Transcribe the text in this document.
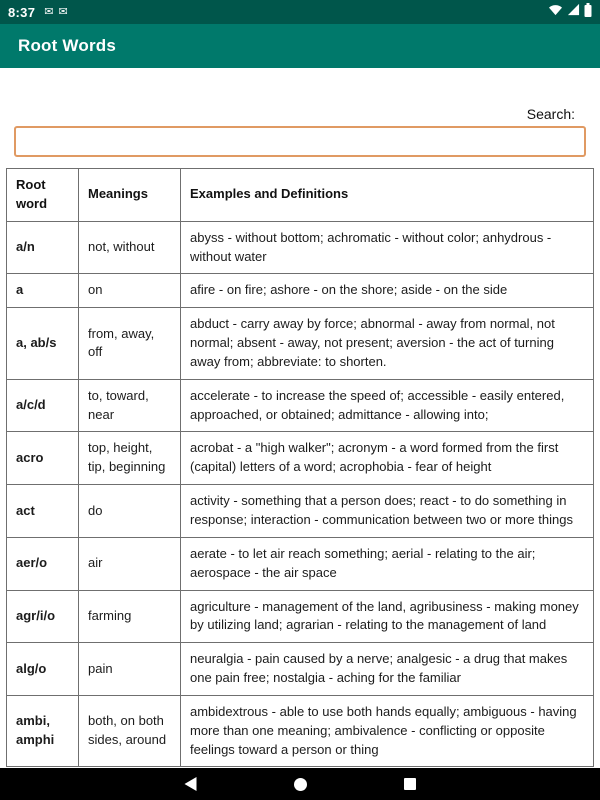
8:37 ✉ ✉
Root Words
Search:
Root word	Meanings	Examples and Definitions
a/n	not, without	abyss - without bottom; achromatic - without color; anhydrous - without water
a	on	afire - on fire; ashore - on the shore; aside - on the side
a, ab/s	from, away, off	abduct - carry away by force; abnormal - away from normal, not normal; absent - away, not present; aversion - the act of turning away from; abbreviate: to shorten.
a/c/d	to, toward, near	accelerate - to increase the speed of; accessible - easily entered, approached, or obtained; admittance - allowing into;
acro	top, height, tip, beginning	acrobat - a "high walker"; acronym - a word formed from the first (capital) letters of a word; acrophobia - fear of height
act	do	activity - something that a person does; react - to do something in response; interaction - communication between two or more things
aer/o	air	aerate - to let air reach something; aerial - relating to the air; aerospace - the air space
agr/i/o	farming	agriculture - management of the land, agribusiness - making money by utilizing land; agrarian - relating to the management of land
alg/o	pain	neuralgia - pain caused by a nerve; analgesic - a drug that makes one pain free; nostalgia - aching for the familiar
ambi, amphi	both, on both sides, around	ambidextrous - able to use both hands equally; ambiguous - having more than one meaning; ambivalence - conflicting or opposite feelings toward a person or thing
